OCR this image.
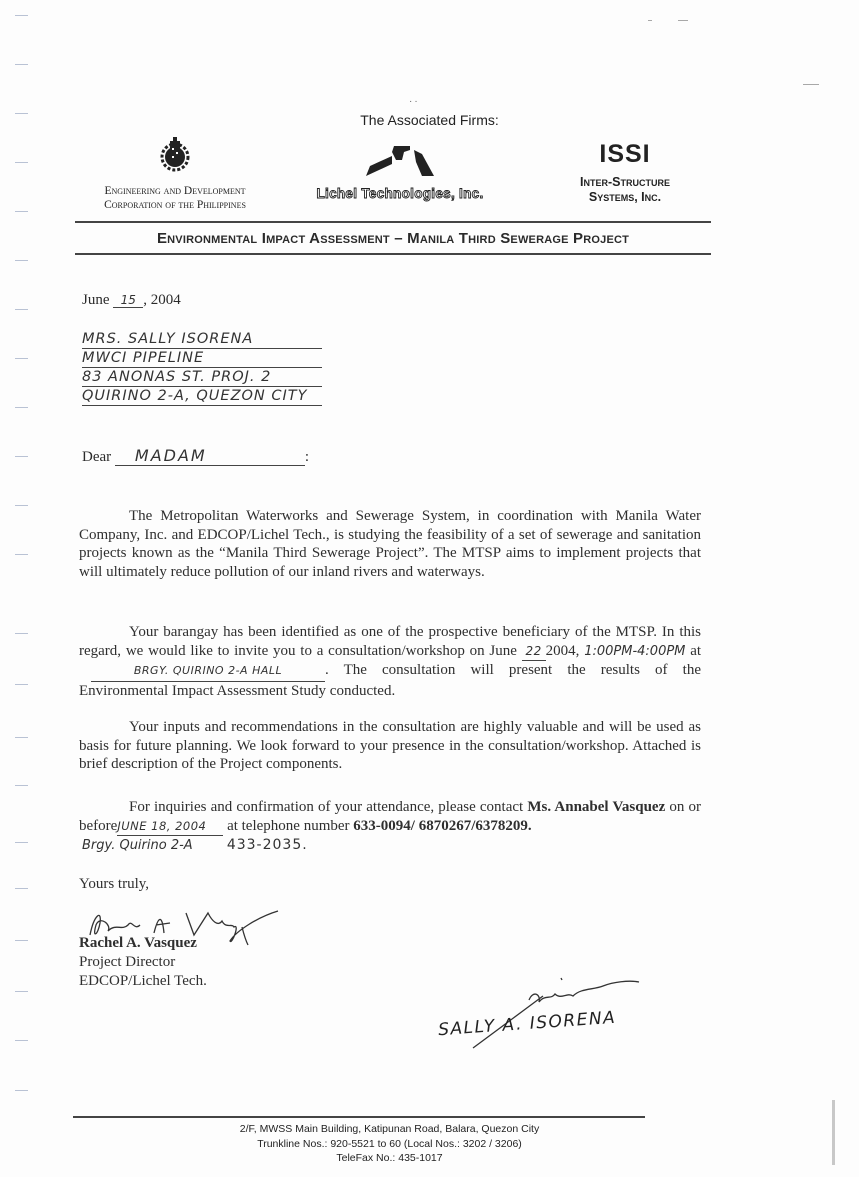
··
The Associated Firms:
Engineering and Development
Corporation of the Philippines
Lichel Technologies, Inc.
ISSI
Inter-Structure
Systems, Inc.
Environmental Impact Assessment – Manila Third Sewerage Project
June 15 , 2004
MRS. SALLY ISORENA
MWCI PIPELINE
83 ANONAS ST. PROJ. 2
QUIRINO 2-A, QUEZON CITY
Dear MADAM	:
The Metropolitan Waterworks and Sewerage System, in coordination with Manila Water Company, Inc. and EDCOP/Lichel Tech., is studying the feasibility of a set of sewerage and sanitation projects known as the “Manila Third Sewerage Project”. The MTSP aims to implement projects that will ultimately reduce pollution of our inland rivers and waterways.
Your barangay has been identified as one of the prospective beneficiary of the MTSP. In this regard, we would like to invite you to a consultation/workshop on June 22 2004, 1:00PM-4:00PM at BRGY. QUIRINO 2-A HALL	. The consultation will present the results of the Environmental Impact Assessment Study conducted.
Your inputs and recommendations in the consultation are highly valuable and will be used as basis for future planning. We look forward to your presence in the consultation/workshop. Attached is brief description of the Project components.
For inquiries and confirmation of your attendance, please contact Ms. Annabel Vasquez on or beforeJUNE 18, 2004 at telephone number 633-0094/ 6870267/6378209.
Brgy. Quirino 2-A 433-2035.
Yours truly,
Rachel A. Vasquez
Project Director
EDCOP/Lichel Tech.
SALLY A. ISORENA
2/F, MWSS Main Building, Katipunan Road, Balara, Quezon City
Trunkline Nos.: 920-5521 to 60 (Local Nos.: 3202 / 3206)
TeleFax No.: 435-1017
